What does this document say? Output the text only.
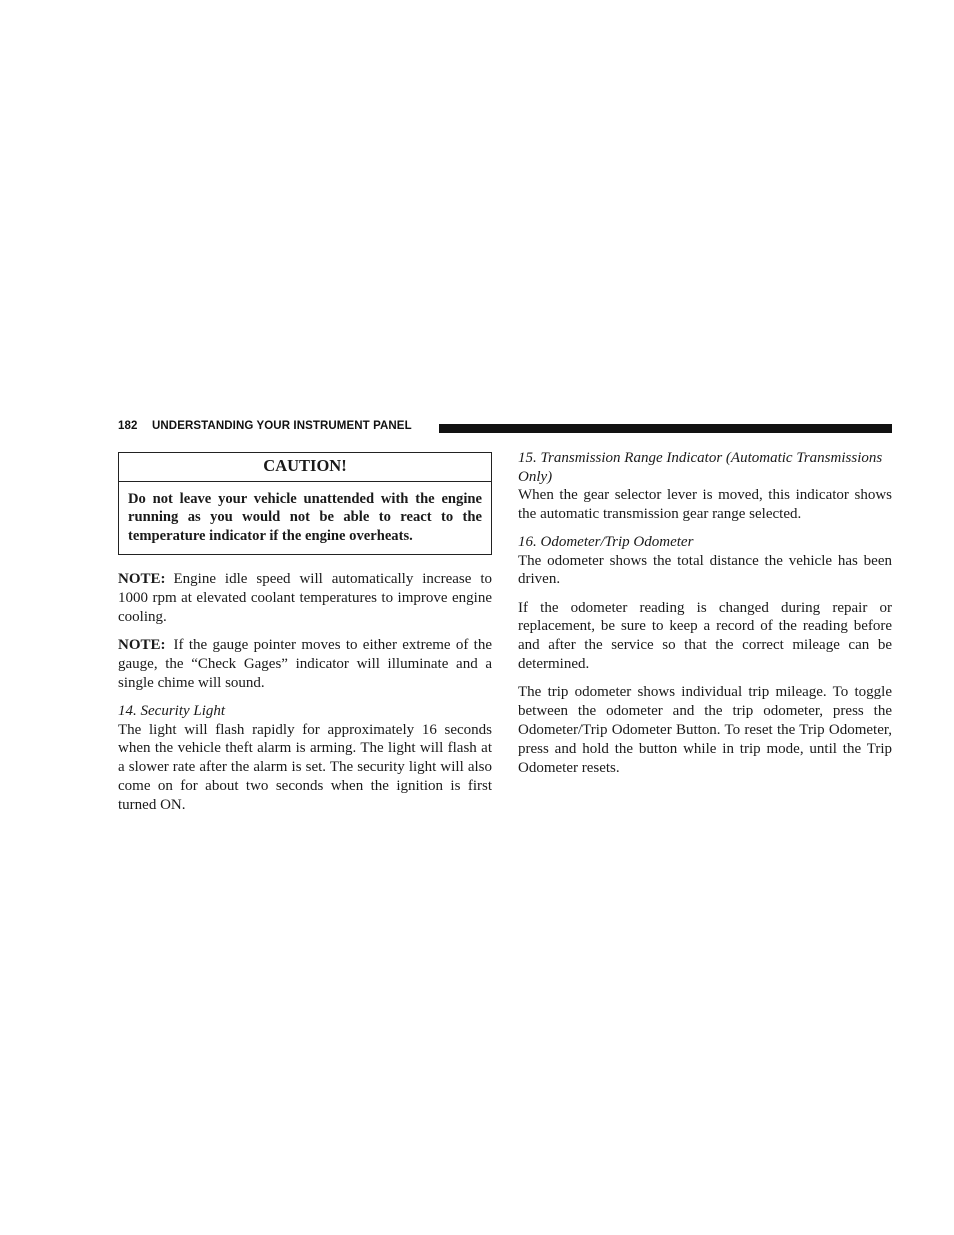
182 UNDERSTANDING YOUR INSTRUMENT PANEL
CAUTION!
Do not leave your vehicle unattended with the engine running as you would not be able to react to the temperature indicator if the engine overheats.

NOTE: Engine idle speed will automatically increase to 1000 rpm at elevated coolant temperatures to improve engine cooling.

NOTE: If the gauge pointer moves to either extreme of the gauge, the “Check Gages” indicator will illuminate and a single chime will sound.

14. Security Light

The light will flash rapidly for approximately 16 seconds when the vehicle theft alarm is arming. The light will flash at a slower rate after the alarm is set. The security light will also come on for about two seconds when the ignition is first turned ON.

15. Transmission Range Indicator (Automatic Transmissions Only)

When the gear selector lever is moved, this indicator shows the automatic transmission gear range selected.

16. Odometer/Trip Odometer

The odometer shows the total distance the vehicle has been driven.

If the odometer reading is changed during repair or replacement, be sure to keep a record of the reading before and after the service so that the correct mileage can be determined.

The trip odometer shows individual trip mileage. To toggle between the odometer and the trip odometer, press the Odometer/Trip Odometer Button. To reset the Trip Odometer, press and hold the button while in trip mode, until the Trip Odometer resets.
